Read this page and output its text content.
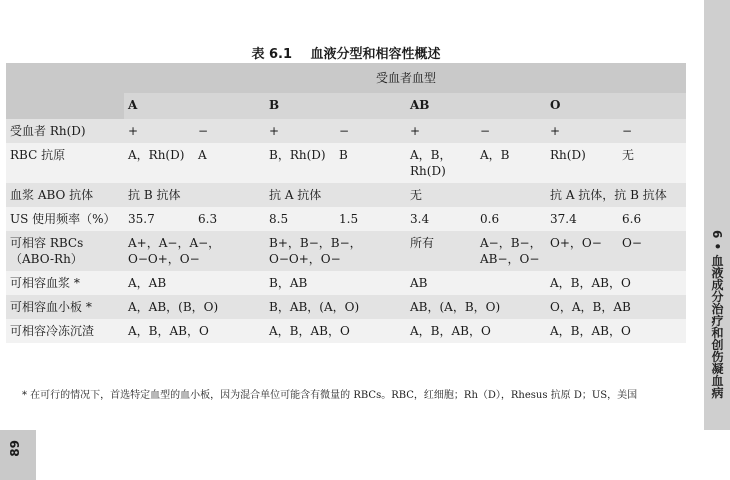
表 6.1 血液分型和相容性概述
	受血者血型							
	A		B		AB		O	
受血者 Rh(D)	+	−	+	−	+	−	+	−
RBC 抗原	A，Rh(D)	A	B，Rh(D)	B	A，B，Rh(D)	A，B	Rh(D)	无
血浆 ABO 抗体	抗 B 抗体		抗 A 抗体		无		抗 A 抗体，抗 B 抗体	
US 使用频率（%）	35.7	6.3	8.5	1.5	3.4	0.6	37.4	6.6
可相容 RBCs（ABO-Rh）	A+，A−，A−，O−O+，O−		B+，B−，B−，O−O+，O−		所有	A−，B−，AB−，O−	O+，O−	O−
可相容血浆 *	A，AB		B，AB		AB		A，B，AB，O	
可相容血小板 *	A，AB，(B，O)		B，AB，(A，O)		AB，(A，B，O)		O，A，B，AB	
可相容冷冻沉渣	A，B，AB，O		A，B，AB，O		A，B，AB，O		A，B，AB，O	
* 在可行的情况下，首选特定血型的血小板，因为混合单位可能含有微量的 RBCs。RBC，红细胞；Rh（D），Rhesus 抗原 D；US，美国	6 • 血液成分治疗和创伤凝血病
89
